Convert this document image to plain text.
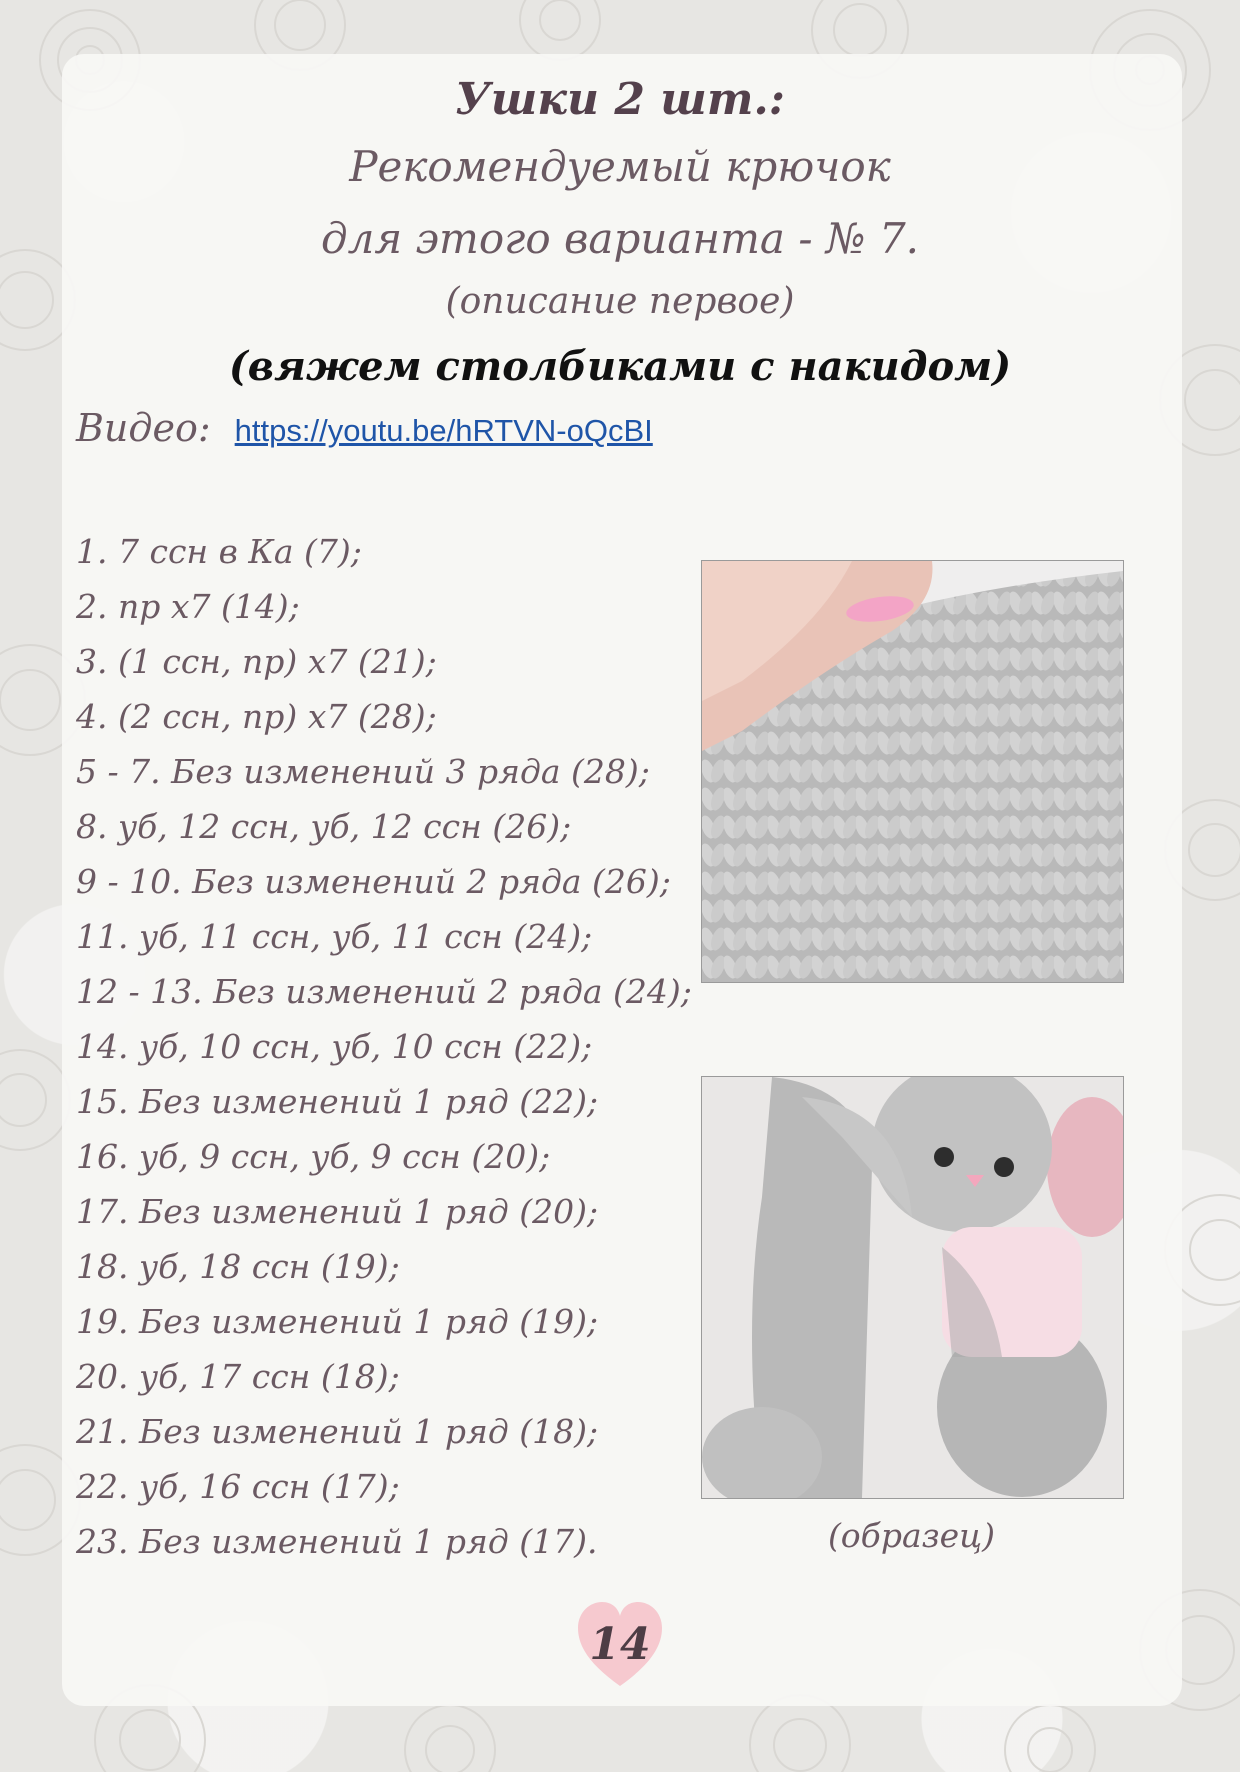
Ушки 2 шт.:
Рекомендуемый крючок
для этого варианта - № 7.
(описание первое)
(вяжем столбиками с накидом)
Видео: https://youtu.be/hRTVN-oQcBI
1. 7 ссн в Ка (7);
2. пр х7 (14);
3. (1 ссн, пр) х7 (21);
4. (2 ссн, пр) х7 (28);
5 - 7. Без изменений 3 ряда (28);
8. уб, 12 ссн, уб, 12 ссн (26);
9 - 10. Без изменений 2 ряда (26);
11. уб, 11 ссн, уб, 11 ссн (24);
12 - 13. Без изменений 2 ряда (24);
14. уб, 10 ссн, уб, 10 ссн (22);
15. Без изменений 1 ряд (22);
16. уб, 9 ссн, уб, 9 ссн (20);
17. Без изменений 1 ряд (20);
18. уб, 18 ссн (19);
19. Без изменений 1 ряд (19);
20. уб, 17 ссн (18);
21. Без изменений 1 ряд (18);
22. уб, 16 ссн (17);
23. Без изменений 1 ряд (17).	(образец)
14
